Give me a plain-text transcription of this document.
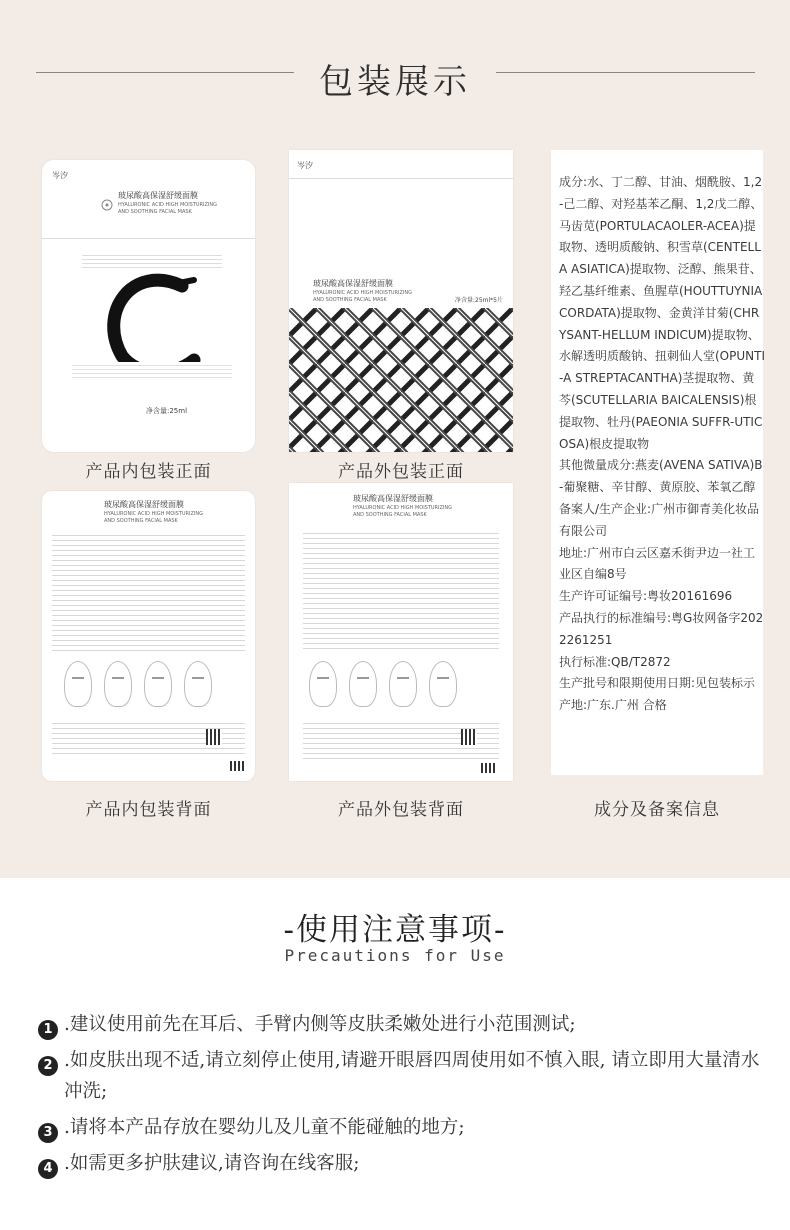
包装展示
岑汐
玻尿酸高保湿舒缓面膜
HYALURONIC ACID HIGH MOISTURIZING AND SOOTHING FACIAL MASK
净含量:25ml
产品内包装正面
岑汐
玻尿酸高保湿舒缓面膜
HYALURONIC ACID HIGH MOISTURIZING AND SOOTHING FACIAL MASK	净含量:25ml*5片
产品外包装正面
玻尿酸高保湿舒缓面膜
HYALURONIC ACID HIGH MOISTURIZING AND SOOTHING FACIAL MASK
产品内包装背面
玻尿酸高保湿舒缓面膜
HYALURONIC ACID HIGH MOISTURIZING AND SOOTHING FACIAL MASK
产品外包装背面
成分:水、丁二醇、甘油、烟酰胺、1,2-己二醇、对羟基苯乙酮、1,2戊二醇、马齿苋(PORTULACAOLER-ACEA)提取物、透明质酸钠、积雪草(CENTELLA ASIATICA)提取物、泛醇、熊果苷、羟乙基纤维素、鱼腥草(HOUTTUYNIA CORDATA)提取物、金黄洋甘菊(CHRYSANT-HELLUM INDICUM)提取物、水解透明质酸钠、扭刺仙人堂(OPUNTI-A STREPTACANTHA)茎提取物、黄芩(SCUTELLARIA BAICALENSIS)根提取物、牡丹(PAEONIA SUFFR-UTICOSA)根皮提取物
其他微量成分:燕麦(AVENA SATIVA)B-葡聚糖、辛甘醇、黄原胶、苯氧乙醇
备案人/生产企业:广州市御青美化妆品有限公司
地址:广州市白云区嘉禾街尹边一社工业区自编8号
生产许可证编号:粤妆20161696
产品执行的标准编号:粤G妆网备字2022261251
执行标准:QB/T2872
生产批号和限期使用日期:见包装标示
产地:广东.广州 合格
成分及备案信息
-使用注意事项-
Precautions for Use
1 .建议使用前先在耳后、手臂内侧等皮肤柔嫩处进行小范围测试;
2 .如皮肤出现不适,请立刻停止使用,请避开眼唇四周使用如不慎入眼, 请立即用大量清水冲洗;
3 .请将本产品存放在婴幼儿及儿童不能碰触的地方;
4 .如需更多护肤建议,请咨询在线客服;
